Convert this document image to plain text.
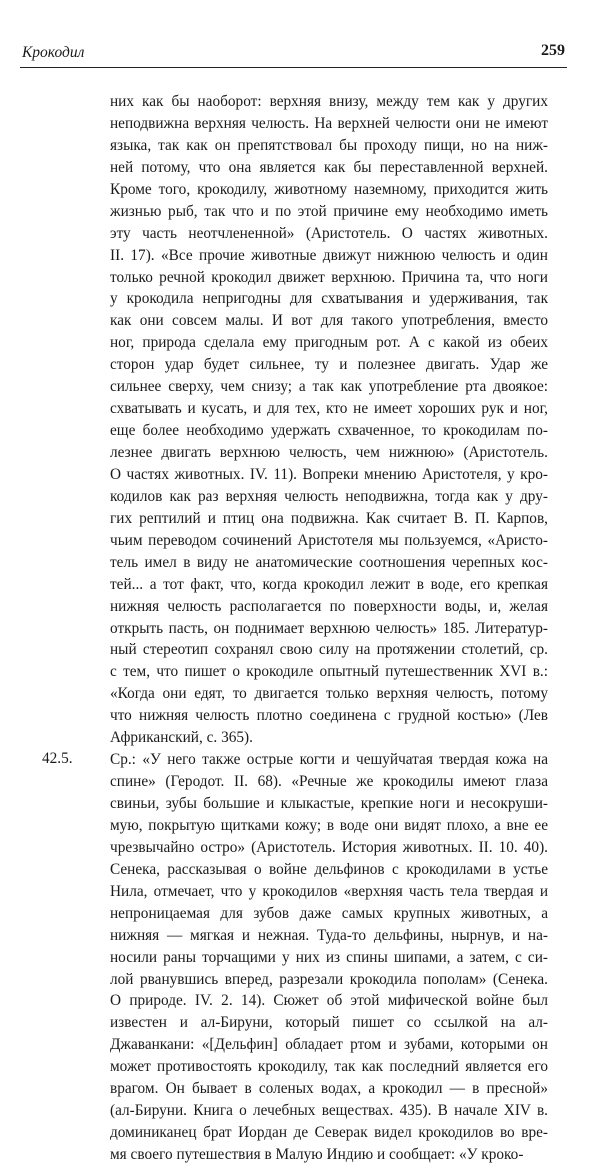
Крокодил	259
42.5.
них как бы наоборот: верхняя внизу, между тем как у других
неподвижна верхняя челюсть. На верхней челюсти они не имеют
языка, так как он препятствовал бы проходу пищи, но на ниж-
ней потому, что она является как бы переставленной верхней.
Кроме того, крокодилу, животному наземному, приходится жить
жизнью рыб, так что и по этой причине ему необходимо иметь
эту часть неотчлененной» (Аристотель. О частях животных.
II. 17). «Все прочие животные движут нижнюю челюсть и один
только речной крокодил движет верхнюю. Причина та, что ноги
у крокодила непригодны для схватывания и удерживания, так
как они совсем малы. И вот для такого употребления, вместо
ног, природа сделала ему пригодным рот. А с какой из обеих
сторон удар будет сильнее, ту и полезнее двигать. Удар же
сильнее сверху, чем снизу; а так как употребление рта двоякое:
схватывать и кусать, и для тех, кто не имеет хороших рук и ног,
еще более необходимо удержать схваченное, то крокодилам по-
лезнее двигать верхнюю челюсть, чем нижнюю» (Аристотель.
О частях животных. IV. 11). Вопреки мнению Аристотеля, у кро-
кодилов как раз верхняя челюсть неподвижна, тогда как у дру-
гих рептилий и птиц она подвижна. Как считает В. П. Карпов,
чьим переводом сочинений Аристотеля мы пользуемся, «Аристо-
тель имел в виду не анатомические соотношения черепных кос-
тей... а тот факт, что, когда крокодил лежит в воде, его крепкая
нижняя челюсть располагается по поверхности воды, и, желая
открыть пасть, он поднимает верхнюю челюсть» 185. Литератур-
ный стереотип сохранял свою силу на протяжении столетий, ср.
с тем, что пишет о крокодиле опытный путешественник XVI в.:
«Когда они едят, то двигается только верхняя челюсть, потому
что нижняя челюсть плотно соединена с грудной костью» (Лев
Африканский, с. 365).
Ср.: «У него также острые когти и чешуйчатая твердая кожа на
спине» (Геродот. II. 68). «Речные же крокодилы имеют глаза
свиньи, зубы большие и клыкастые, крепкие ноги и несокруши-
мую, покрытую щитками кожу; в воде они видят плохо, а вне ее
чрезвычайно остро» (Аристотель. История животных. II. 10. 40).
Сенека, рассказывая о войне дельфинов с крокодилами в устье
Нила, отмечает, что у крокодилов «верхняя часть тела твердая и
непроницаемая для зубов даже самых крупных животных, а
нижняя — мягкая и нежная. Туда-то дельфины, нырнув, и на-
носили раны торчащими у них из спины шипами, а затем, с си-
лой рванувшись вперед, разрезали крокодила пополам» (Сенека.
О природе. IV. 2. 14). Сюжет об этой мифической войне был
известен и ал-Бируни, который пишет со ссылкой на ал-
Джаванкани: «[Дельфин] обладает ртом и зубами, которыми он
может противостоять крокодилу, так как последний является его
врагом. Он бывает в соленых водах, а крокодил — в пресной»
(ал-Бируни. Книга о лечебных веществах. 435). В начале XIV в.
доминиканец брат Иордан де Северак видел крокодилов во вре-
мя своего путешествия в Малую Индию и сообщает: «У кроко-
